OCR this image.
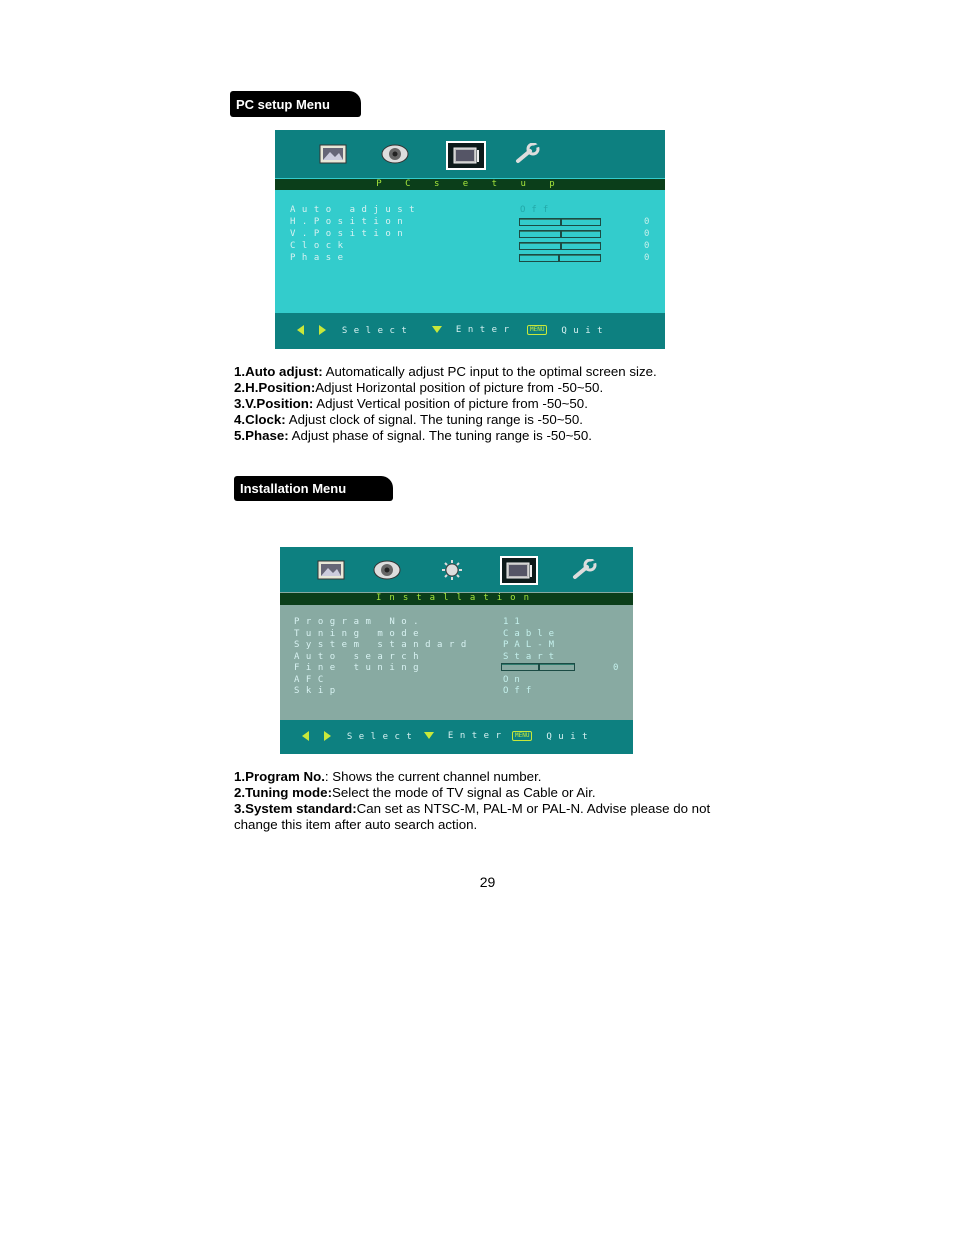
PC setup Menu
P C s e t u p
Auto adjust	Off
H.Position	0
V.Position	0
Clock	0
Phase	0
Select	Enter	MENU Quit
1.Auto adjust: Automatically adjust PC input to the optimal screen size.
2.H.Position:Adjust Horizontal position of picture from -50~50.
3.V.Position: Adjust Vertical position of picture from -50~50.
4.Clock: Adjust clock of signal. The tuning range is -50~50.
5.Phase: Adjust phase of signal. The tuning range is -50~50.
Installation Menu
Installation
Program No.	11
Tuning mode	Cable
System standard	PAL-M
Auto search	Start
Fine tuning	0
AFC	On
Skip	Off
Select	Enter	MENU Quit
1.Program No.: Shows the current channel number.
2.Tuning mode:Select the mode of TV signal as Cable or Air.
3.System standard:Can set as NTSC-M, PAL-M or PAL-N. Advise please do not change this item after auto search action.
29
